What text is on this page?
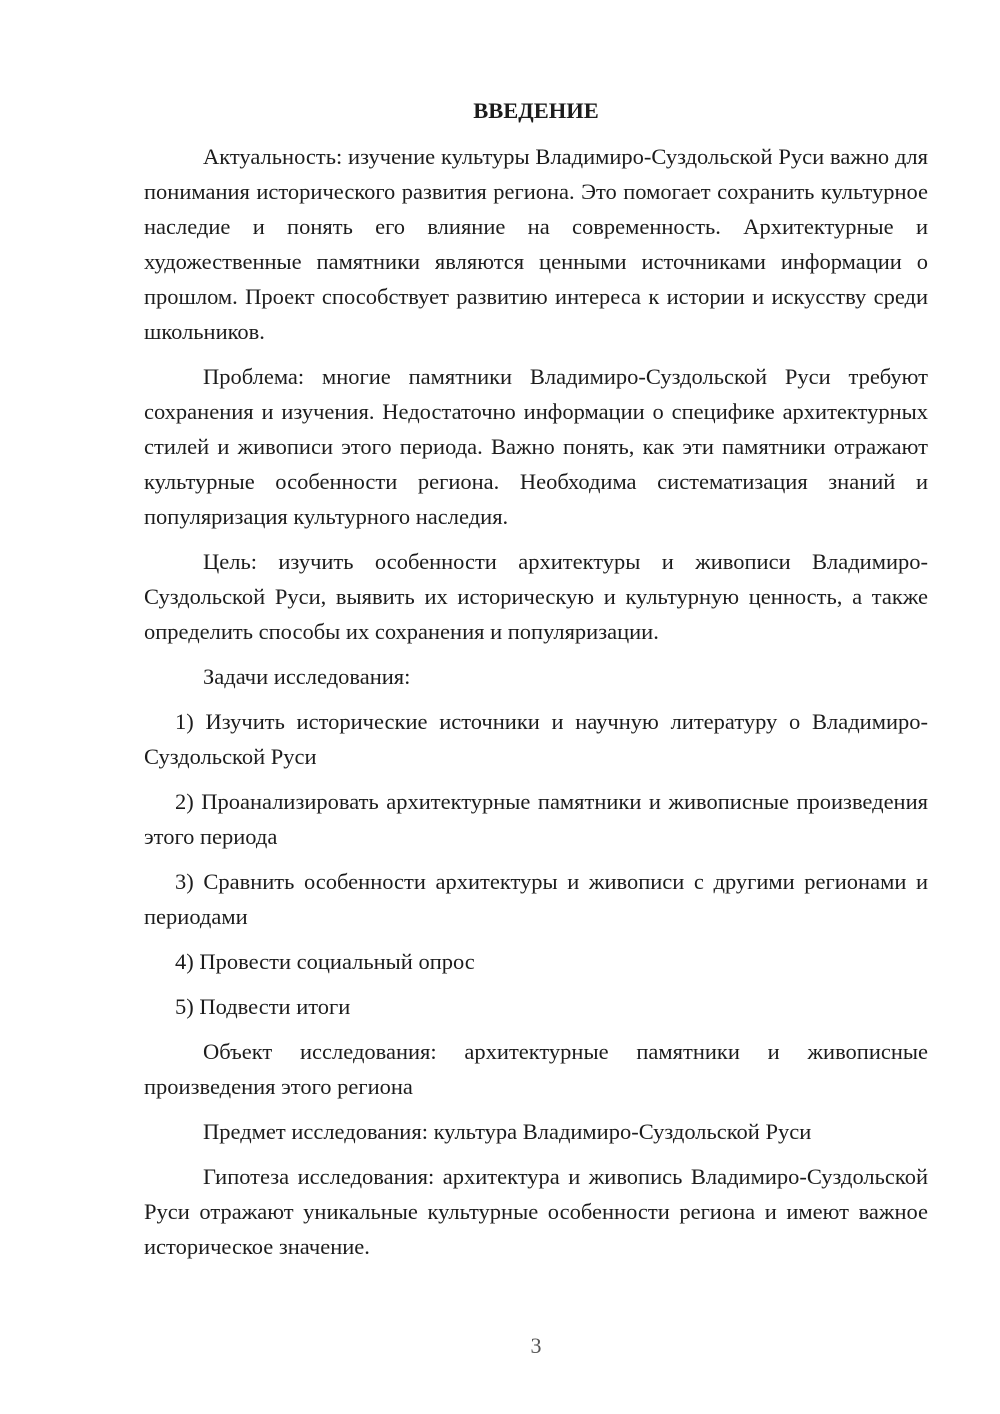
ВВЕДЕНИЕ

Актуальность: изучение культуры Владимиро-Суздольской Руси важно для понимания исторического развития региона. Это помогает сохранить культурное наследие и понять его влияние на современность. Архитектурные и художественные памятники являются ценными источниками информации о прошлом. Проект способствует развитию интереса к истории и искусству среди школьников.

Проблема: многие памятники Владимиро-Суздольской Руси требуют сохранения и изучения. Недостаточно информации о специфике архитектурных стилей и живописи этого периода. Важно понять, как эти памятники отражают культурные особенности региона. Необходима систематизация знаний и популяризация культурного наследия.

Цель: изучить особенности архитектуры и живописи Владимиро-Суздольской Руси, выявить их историческую и культурную ценность, а также определить способы их сохранения и популяризации.

Задачи исследования:

1) Изучить исторические источники и научную литературу о Владимиро-Суздольской Руси

2) Проанализировать архитектурные памятники и живописные произведения этого периода

3) Сравнить особенности архитектуры и живописи с другими регионами и периодами

4) Провести социальный опрос

5) Подвести итоги

Объект исследования: архитектурные памятники и живописные произведения этого региона

Предмет исследования: культура Владимиро-Суздольской Руси

Гипотеза исследования: архитектура и живопись Владимиро-Суздольской Руси отражают уникальные культурные особенности региона и имеют важное историческое значение.

3
